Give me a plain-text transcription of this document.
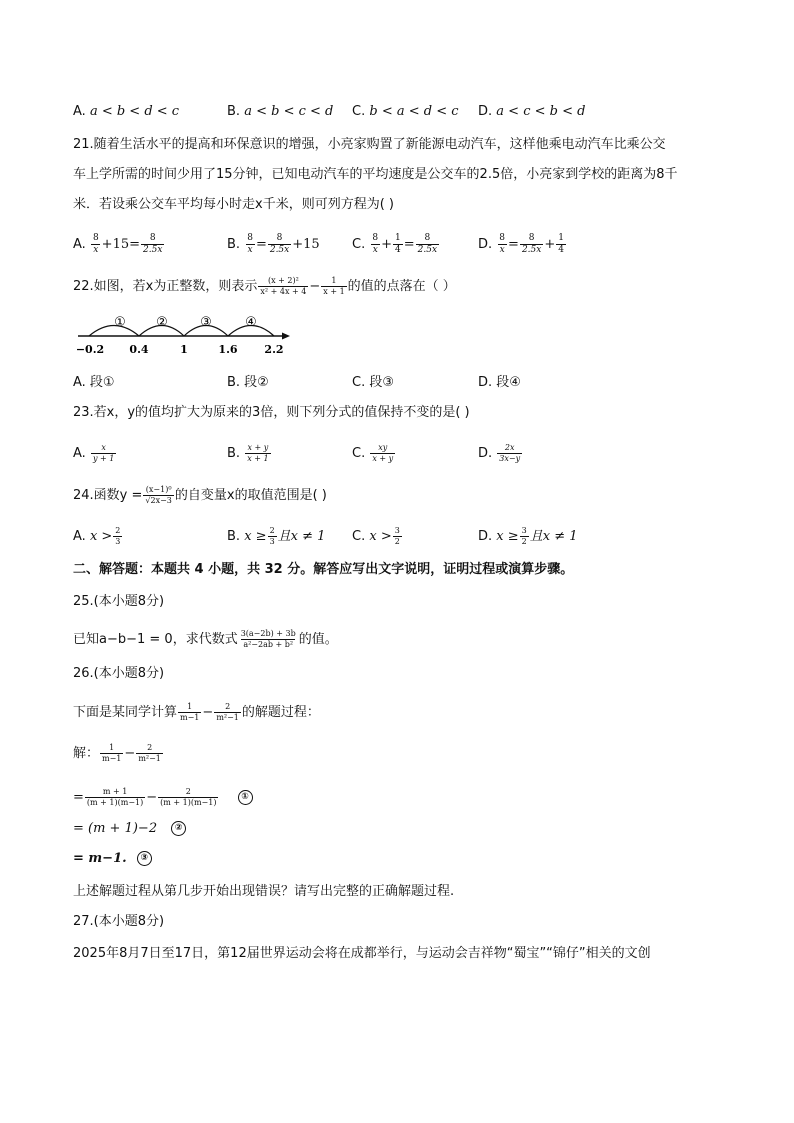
A. a < b < d < c	B. a < b < c < d C. b < a < d < c D. a < c < b < d
21.随着生活水平的提高和环保意识的增强，小亮家购置了新能源电动汽车，这样他乘电动汽车比乘公交
车上学所需的时间少用了15分钟，已知电动汽车的平均速度是公交车的2.5倍，小亮家到学校的距离为8千
米．若设乘公交车平均每小时走x千米，则可列方程为( )
A. $\frac{8}{x} +15= \frac{8}{2.5x}$	B. $\frac{8}{x} = \frac{8}{2.5x} +15$ C. $\frac{8}{x} + \frac{1}{4} = \frac{8}{2.5x}$	D. $\frac{8}{x} = \frac{8}{2.5x} + \frac{1}{4}$
22.如图，若x为正整数，则表示 $\frac{\text{(x + 2)²}}{\text{x² + 4x + 4}} - \frac{1}{x + 1}$ 的值的点落在（ ）
① ② ③	④
−0.2 0.4	1	1.6 2.2
A. 段①	B. 段②	C. 段③	D. 段④
23.若x，y的值均扩大为原来的3倍，则下列分式的值保持不变的是( )
A. $\frac{x}{y + 1}$	B. $\frac{x + y}{x + 1}$	C. $\frac{xy}{x + y}$	D. $\frac{2x}{3x-y}$
24.函数$y = \frac{\text{(x−1)⁰}}{√2x-3}$ 的自变量x的取值范围是( )
A. $x > \frac{2}{3}$	B. $x \ge \frac{2}{3}$ 且x ≠ 1 C. $x > \frac{3}{2}$	D. $x \ge \frac{3}{2}$ 且x ≠ 1
二、解答题：本题共 4 小题，共 32 分。解答应写出文字说明，证明过程或演算步骤。
25.(本小题8分)
已知a−b−1 = 0，求代数式 $\frac{3(a-2b) + 3b}{\text{a²−2ab + b²}}$ 的值。
26.(本小题8分)
下面是某同学计算 $\frac{1}{m-1} - \frac{2}{\text{m²−1}}$ 的解题过程：
解： $\frac{1}{m-1} - \frac{2}{\text{m²−1}}$
= $\frac{m + 1}{(m + 1)(m-1)} - \frac{2}{(m + 1)(m-1)}$	①
= (m + 1)−2 ②
= m−1. ③
上述解题过程从第几步开始出现错误？请写出完整的正确解题过程.
27.(本小题8分)
2025年8月7日至17日，第12届世界运动会将在成都举行，与运动会吉祥物“蜀宝”“锦仔”相关的文创
